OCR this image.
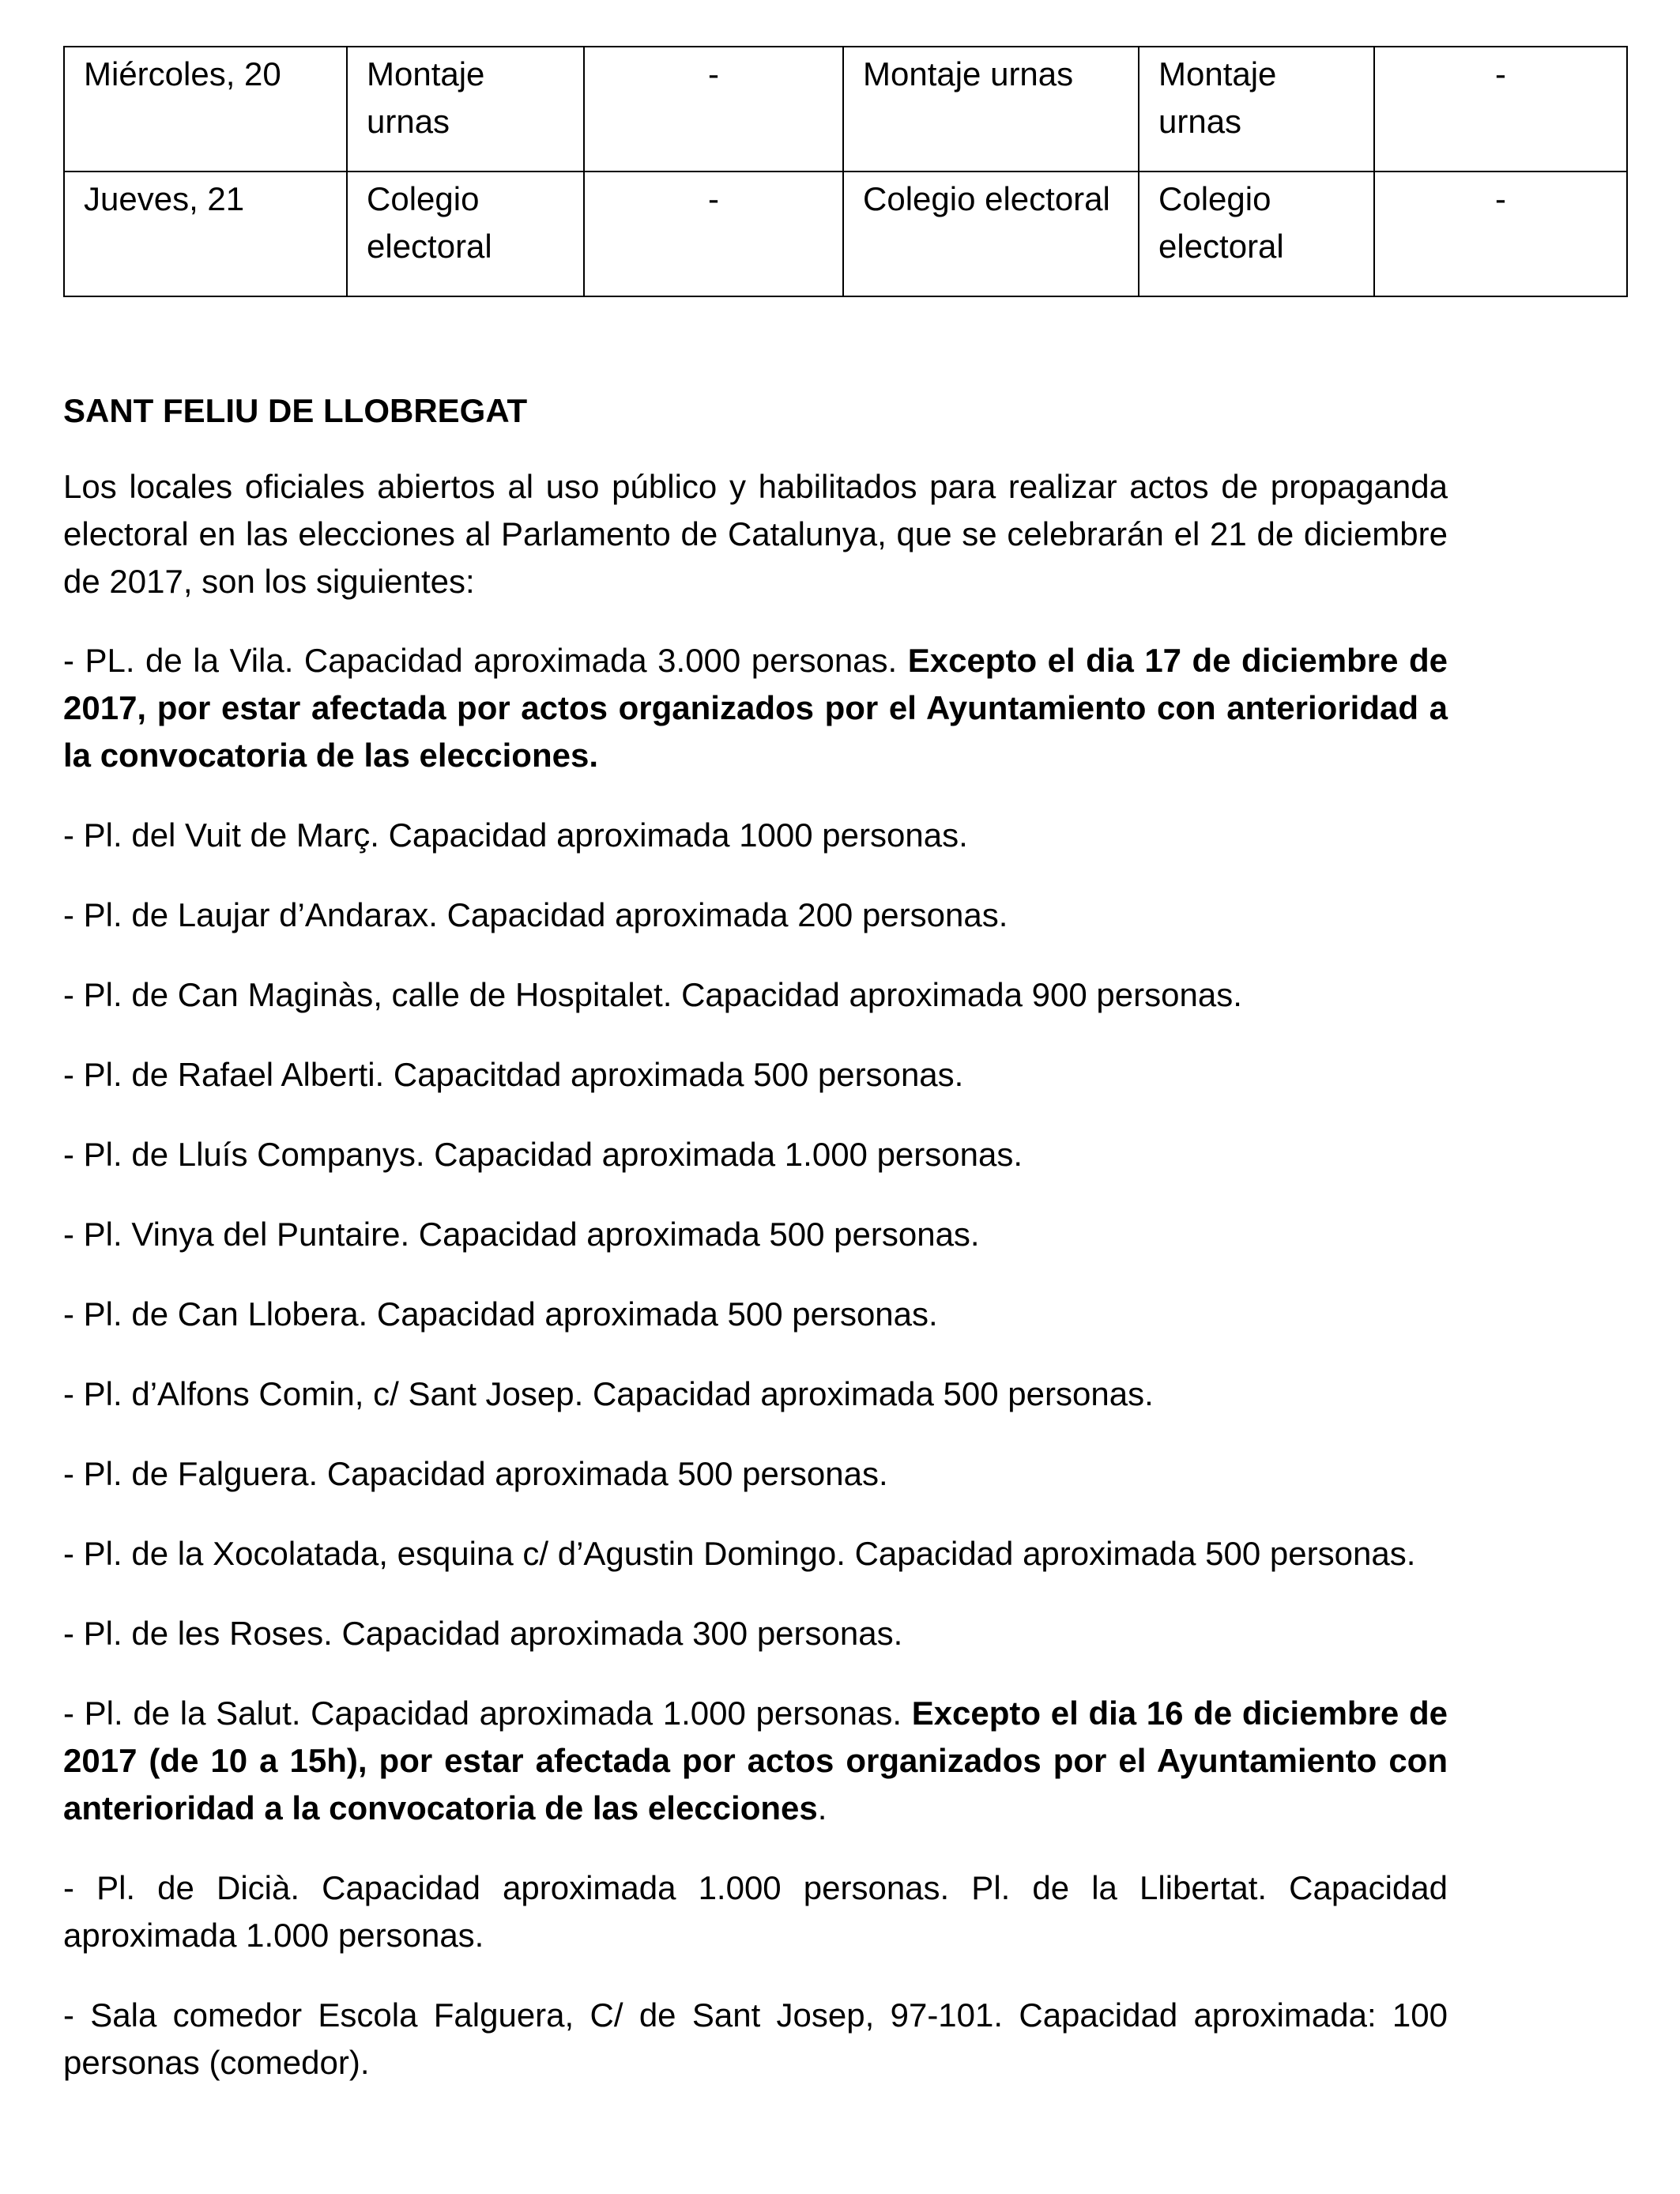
Miércoles, 20	Montaje urnas	-	Montaje urnas	Montaje urnas	-
Jueves, 21	Colegio electoral	-	Colegio electoral	Colegio electoral	-
SANT FELIU DE LLOBREGAT
Los locales oficiales abiertos al uso público y habilitados para realizar actos de propaganda electoral en las elecciones al Parlamento de Catalunya, que se celebrarán el 21 de diciembre de 2017, son los siguientes:
- PL. de la Vila. Capacidad aproximada 3.000 personas. Excepto el dia 17 de diciembre de 2017, por estar afectada por actos organizados por el Ayuntamiento con anterioridad a la convocatoria de las elecciones.
- Pl. del Vuit de Març. Capacidad aproximada 1000 personas.
- Pl. de Laujar d’Andarax. Capacidad aproximada 200 personas.
- Pl. de Can Maginàs, calle de Hospitalet. Capacidad aproximada 900 personas.
- Pl. de Rafael Alberti. Capacitdad aproximada 500 personas.
- Pl. de Lluís Companys. Capacidad aproximada 1.000 personas.
- Pl. Vinya del Puntaire. Capacidad aproximada 500 personas.
- Pl. de Can Llobera. Capacidad aproximada 500 personas.
- Pl. d’Alfons Comin, c/ Sant Josep. Capacidad aproximada 500 personas.
- Pl. de Falguera. Capacidad aproximada 500 personas.
- Pl. de la Xocolatada, esquina c/ d’Agustin Domingo. Capacidad aproximada 500 personas.
- Pl. de les Roses. Capacidad aproximada 300 personas.
- Pl. de la Salut. Capacidad aproximada 1.000 personas. Excepto el dia 16 de diciembre de 2017 (de 10 a 15h), por estar afectada por actos organizados por el Ayuntamiento con anterioridad a la convocatoria de las elecciones.
- Pl. de Dicià. Capacidad aproximada 1.000 personas. Pl. de la Llibertat. Capacidad aproximada 1.000 personas.
- Sala comedor Escola Falguera, C/ de Sant Josep, 97-101. Capacidad aproximada: 100 personas (comedor).
